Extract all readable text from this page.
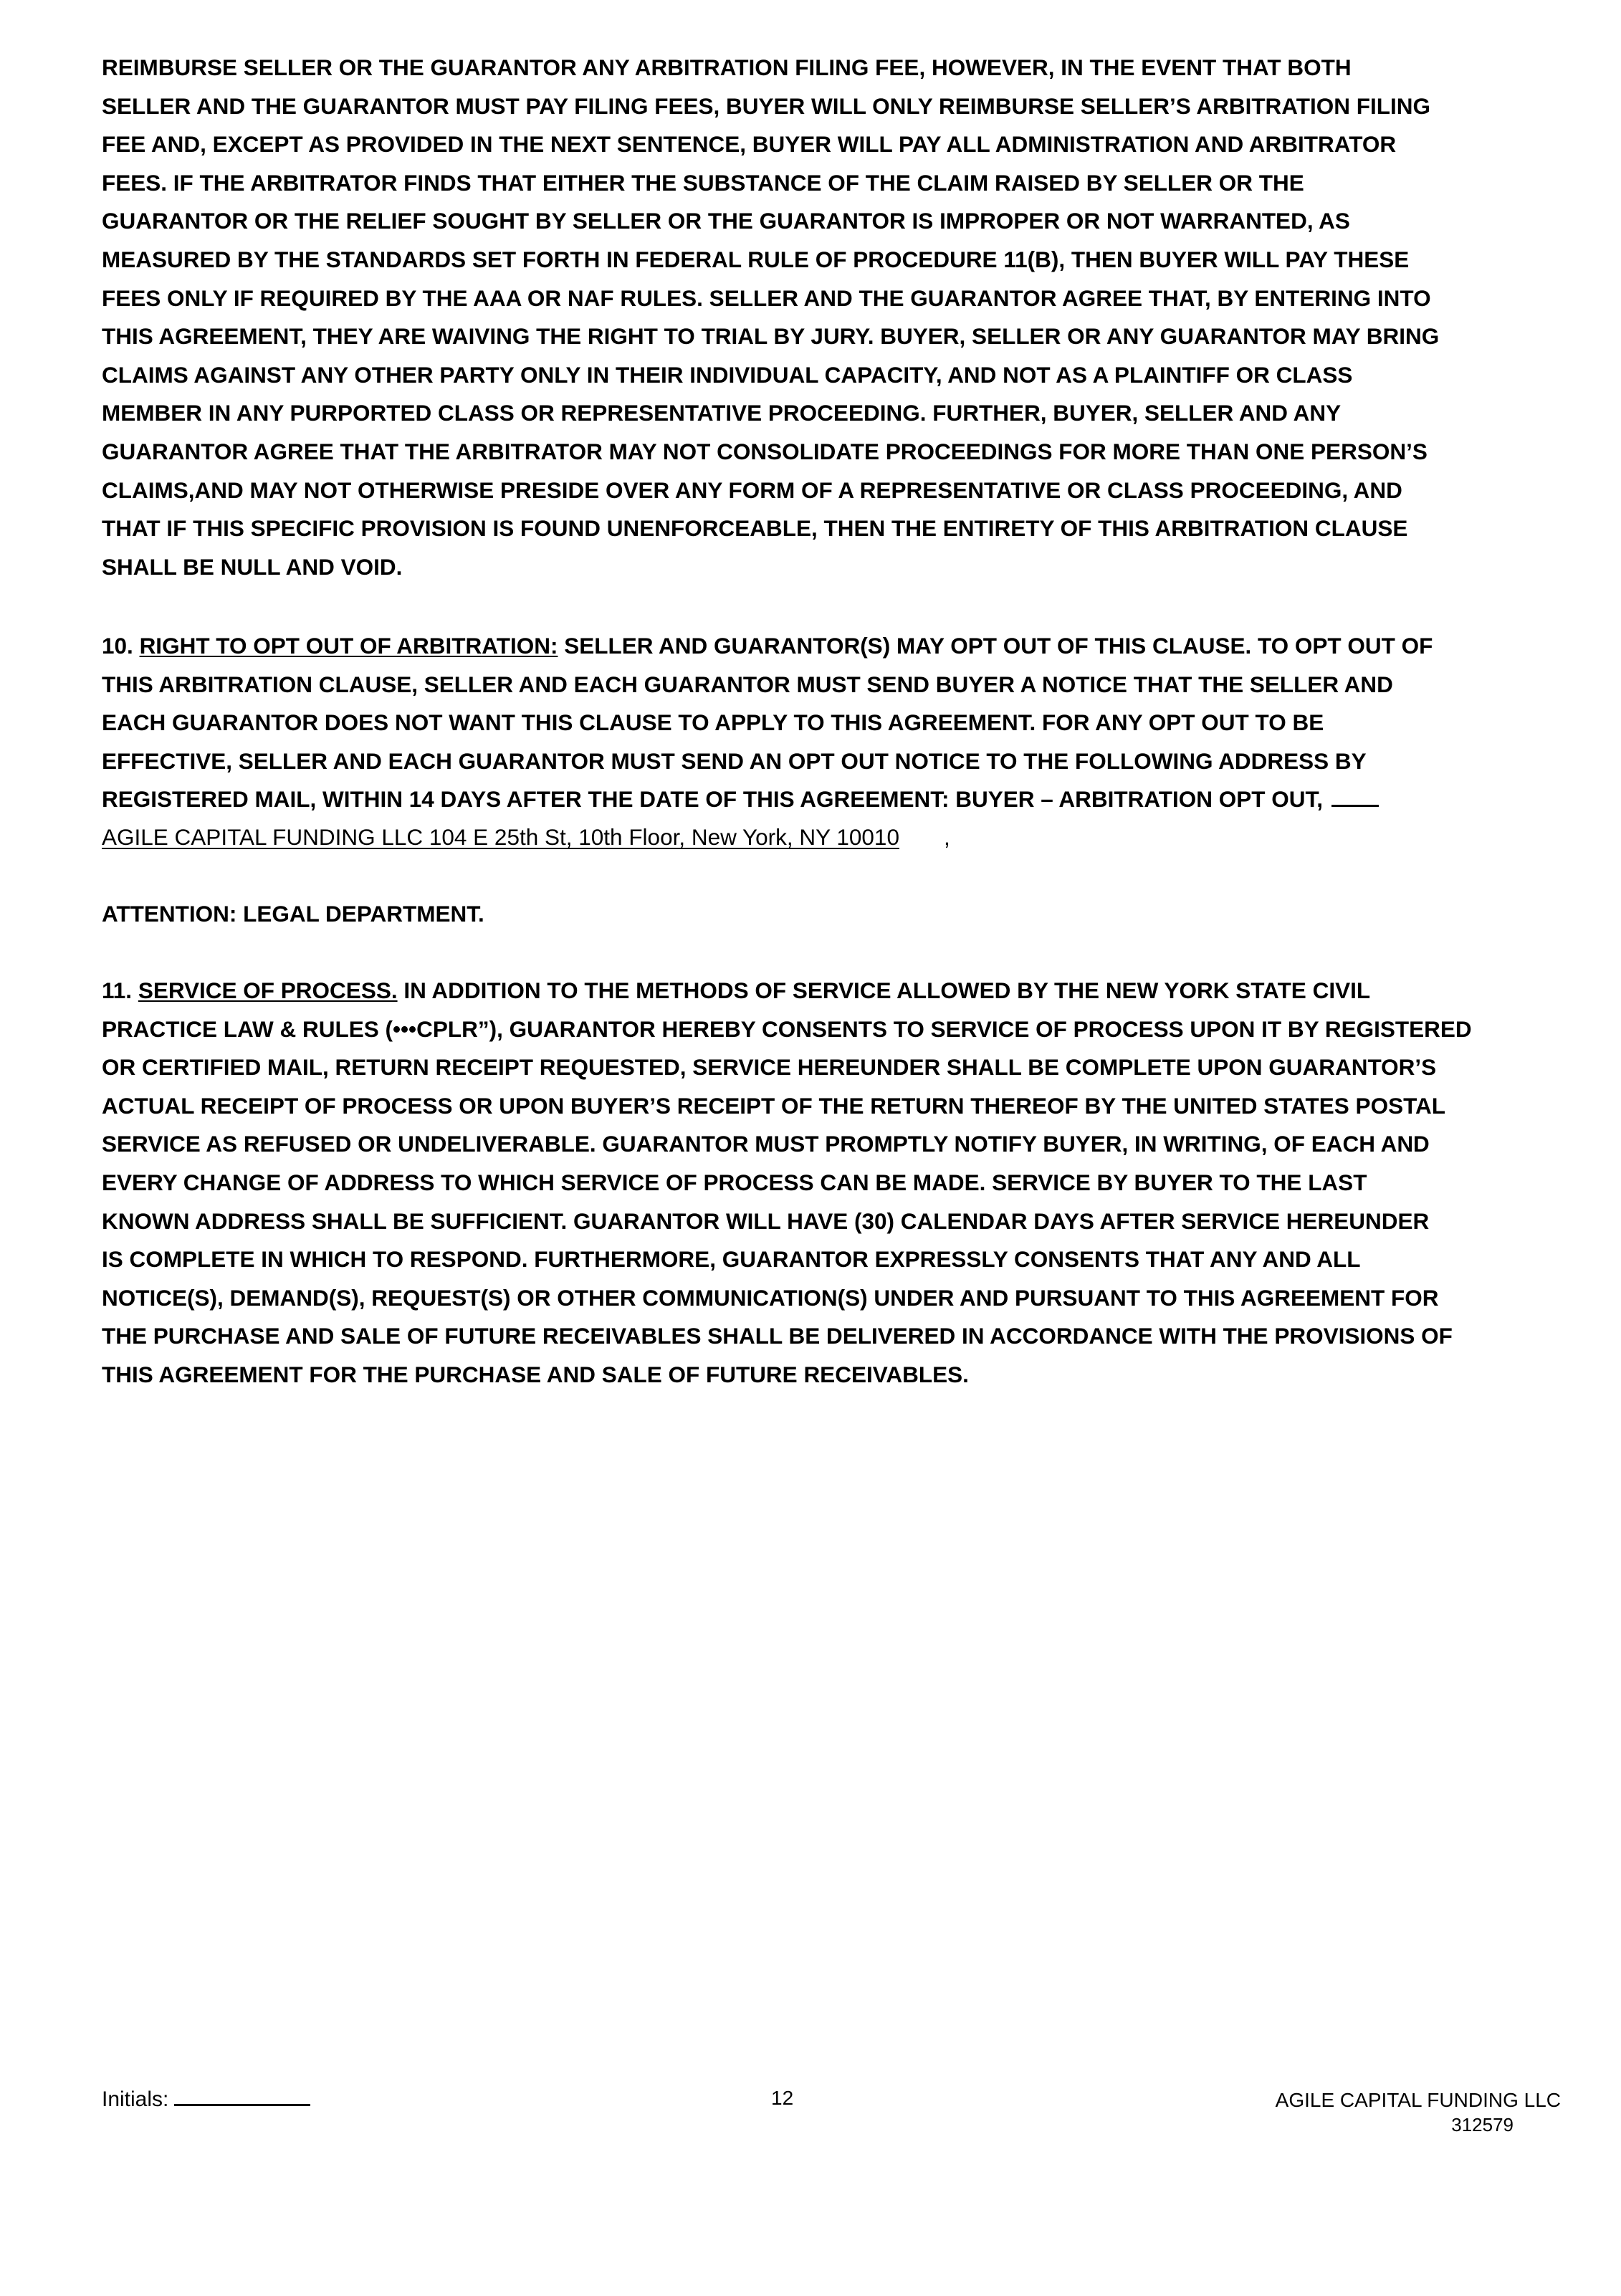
REIMBURSE SELLER OR THE GUARANTOR ANY ARBITRATION FILING FEE, HOWEVER, IN THE EVENT THAT BOTH
SELLER AND THE GUARANTOR MUST PAY FILING FEES, BUYER WILL ONLY REIMBURSE SELLER’S ARBITRATION FILING
FEE AND, EXCEPT AS PROVIDED IN THE NEXT SENTENCE, BUYER WILL PAY ALL ADMINISTRATION AND ARBITRATOR
FEES. IF THE ARBITRATOR FINDS THAT EITHER THE SUBSTANCE OF THE CLAIM RAISED BY SELLER OR THE
GUARANTOR OR THE RELIEF SOUGHT BY SELLER OR THE GUARANTOR IS IMPROPER OR NOT WARRANTED, AS
MEASURED BY THE STANDARDS SET FORTH IN FEDERAL RULE OF PROCEDURE 11(B), THEN BUYER WILL PAY THESE
FEES ONLY IF REQUIRED BY THE AAA OR NAF RULES. SELLER AND THE GUARANTOR AGREE THAT, BY ENTERING INTO
THIS AGREEMENT, THEY ARE WAIVING THE RIGHT TO TRIAL BY JURY. BUYER, SELLER OR ANY GUARANTOR MAY BRING
CLAIMS AGAINST ANY OTHER PARTY ONLY IN THEIR INDIVIDUAL CAPACITY, AND NOT AS A PLAINTIFF OR CLASS
MEMBER IN ANY PURPORTED CLASS OR REPRESENTATIVE PROCEEDING. FURTHER, BUYER, SELLER AND ANY
GUARANTOR AGREE THAT THE ARBITRATOR MAY NOT CONSOLIDATE PROCEEDINGS FOR MORE THAN ONE PERSON’S
CLAIMS,AND MAY NOT OTHERWISE PRESIDE OVER ANY FORM OF A REPRESENTATIVE OR CLASS PROCEEDING, AND
THAT IF THIS SPECIFIC PROVISION IS FOUND UNENFORCEABLE, THEN THE ENTIRETY OF THIS ARBITRATION CLAUSE
SHALL BE NULL AND VOID.
10. RIGHT TO OPT OUT OF ARBITRATION: SELLER AND GUARANTOR(S) MAY OPT OUT OF THIS CLAUSE. TO OPT OUT OF
THIS ARBITRATION CLAUSE, SELLER AND EACH GUARANTOR MUST SEND BUYER A NOTICE THAT THE SELLER AND
EACH GUARANTOR DOES NOT WANT THIS CLAUSE TO APPLY TO THIS AGREEMENT. FOR ANY OPT OUT TO BE
EFFECTIVE, SELLER AND EACH GUARANTOR MUST SEND AN OPT OUT NOTICE TO THE FOLLOWING ADDRESS BY
REGISTERED MAIL, WITHIN 14 DAYS AFTER THE DATE OF THIS AGREEMENT: BUYER – ARBITRATION OPT OUT,
AGILE CAPITAL FUNDING LLC 104 E 25th St, 10th Floor, New York, NY 10010 ,
ATTENTION: LEGAL DEPARTMENT.
11. SERVICE OF PROCESS. IN ADDITION TO THE METHODS OF SERVICE ALLOWED BY THE NEW YORK STATE CIVIL
PRACTICE LAW & RULES (•••CPLR”), GUARANTOR HEREBY CONSENTS TO SERVICE OF PROCESS UPON IT BY REGISTERED
OR CERTIFIED MAIL, RETURN RECEIPT REQUESTED, SERVICE HEREUNDER SHALL BE COMPLETE UPON GUARANTOR’S
ACTUAL RECEIPT OF PROCESS OR UPON BUYER’S RECEIPT OF THE RETURN THEREOF BY THE UNITED STATES POSTAL
SERVICE AS REFUSED OR UNDELIVERABLE. GUARANTOR MUST PROMPTLY NOTIFY BUYER, IN WRITING, OF EACH AND
EVERY CHANGE OF ADDRESS TO WHICH SERVICE OF PROCESS CAN BE MADE. SERVICE BY BUYER TO THE LAST
KNOWN ADDRESS SHALL BE SUFFICIENT. GUARANTOR WILL HAVE (30) CALENDAR DAYS AFTER SERVICE HEREUNDER
IS COMPLETE IN WHICH TO RESPOND. FURTHERMORE, GUARANTOR EXPRESSLY CONSENTS THAT ANY AND ALL
NOTICE(S), DEMAND(S), REQUEST(S) OR OTHER COMMUNICATION(S) UNDER AND PURSUANT TO THIS AGREEMENT FOR
THE PURCHASE AND SALE OF FUTURE RECEIVABLES SHALL BE DELIVERED IN ACCORDANCE WITH THE PROVISIONS OF
THIS AGREEMENT FOR THE PURCHASE AND SALE OF FUTURE RECEIVABLES.
Initials:	12	AGILE CAPITAL FUNDING LLC
312579
